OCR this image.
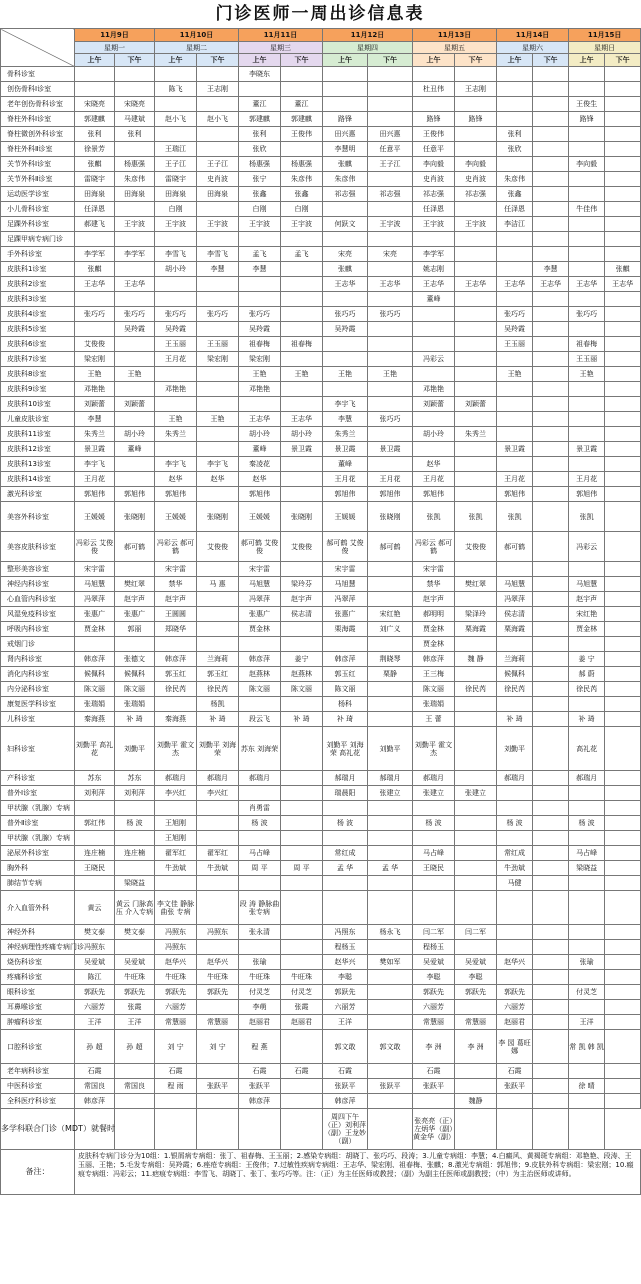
门诊医师一周出诊信息表
	11月9日		11月10日		11月11日		11月12日		11月13日		11月14日		11月15日	
	星期一		星期二		星期三		星期四		星期五		星期六		星期日	
	上午	下午	上午	下午	上午	下午	上午	下午	上午	下午	上午	下午	上午	下午
骨科诊室					李晓东									
创伤骨科Ⅰ诊室			陈飞	王志刚					杜丑伟	王志刚				
老年创伤骨科诊室	宋晓亮	宋晓亮			董江	董江							王俊生	
脊柱外科Ⅰ诊室	郭建麒	马建斌	赵小飞	赵小飞	郭建麒	郭建麒	路锋		路锋	路锋			路锋	
脊柱微创外科诊室	张利	张利			张利	王俊伟	田兴惠	田兴惠	王俊伟		张利			
脊柱外科Ⅱ诊室	徐景芳		王瑞江		张欣		李慧明	任意平	任意平		张欣			
关节外科Ⅰ诊室	张麒	杨惠强	王子江	王子江	杨惠强	杨惠强	张麒	王子江	李向毅	李向毅			李向毅	
关节外科Ⅱ诊室	雷晓宇	朱彦伟	雷晓宇	史肖波	张宁	朱彦伟	朱彦伟		史肖波	史肖波	朱彦伟			
运动医学诊室	田海泉	田海泉	田海泉	田海泉	张鑫	张鑫	祁志强	祁志强	祁志强	祁志强	张鑫			
小儿骨科诊室	任泽恩		白刚		白刚	白刚			任泽恩		任泽恩		牛佳伟	
足踝外科诊室	郝建飞	王宇波	王宇波	王宇波	王宇波	王宇波	何跃文	王宇波	王宇波	王宇波	李洁江			
足踝甲病专病门诊														
手外科诊室	李学军	李学军	李雪飞	李雪飞	孟飞	孟飞	宋亮	宋亮	李学军					
皮肤科1诊室	张麒		胡小玲	李慧	李慧		张麒		姚志刚			李慧		张麒
皮肤科2诊室	王志华	王志华					王志华	王志华	王志华	王志华	王志华	王志华	王志华	王志华
皮肤科3诊室									董峰					
皮肤科4诊室	张巧巧	张巧巧	张巧巧	张巧巧	张巧巧		张巧巧	张巧巧			张巧巧		张巧巧	
皮肤科5诊室		吴羚霞	吴羚霞		吴羚霞		吴羚霞				吴羚霞			
皮肤科6诊室	艾俊俊		王玉丽	王玉丽	祖春梅	祖春梅					王玉丽		祖春梅	
皮肤科7诊室	梁宏刚		王月花	梁宏刚	梁宏刚				冯彩云				王玉丽	
皮肤科8诊室	王艳	王艳			王艳	王艳	王艳	王艳			王艳		王艳	
皮肤科9诊室	邓艳艳		邓艳艳		邓艳艳				邓艳艳					
皮肤科10诊室	刘颖蕾	刘颖蕾					李宇飞		刘颖蕾	刘颖蕾				
儿童皮肤诊室	李慧		王艳	王艳	王志华	王志华	李慧	张巧巧						
皮肤科11诊室	朱秀兰	胡小玲	朱秀兰		胡小玲	胡小玲	朱秀兰		胡小玲	朱秀兰				
皮肤科12诊室	景卫霞	董峰			董峰	景卫霞	景卫霞	景卫霞			景卫霞		景卫霞	
皮肤科13诊室	李宇飞		李宇飞	李宇飞	秦凌花		董峰		赵华					
皮肤科14诊室	王月花		赵华	赵华	赵华		王月花	王月花	王月花		王月花		王月花	
激光科诊室	郭旭伟	郭旭伟	郭旭伟		郭旭伟		郭旭伟	郭旭伟	郭旭伟		郭旭伟		郭旭伟	
美容外科诊室	王媛媛	张晓刚	王媛媛	张晓刚	王媛媛	张晓刚	王媛媛	张晓刚	张凯	张凯	张凯		张凯	
美容皮肤科诊室	冯彩云 艾俊俊	郝可鹤	冯彩云 郝可鹤	艾俊俊	郝可鹤 艾俊俊	艾俊俊	郝可鹤 艾俊俊	郝可鹤	冯彩云 郝可鹤	艾俊俊	郝可鹤		冯彩云	
整形美容诊室	宋宇雷		宋宇雷		宋宇雷		宋宇雷		宋宇雷					
神经内科诊室	马旭慧	樊红翠	禁华	马 惠	马旭慧	梁玲芬	马旭慧		禁华	樊红翠	马旭慧		马旭慧	
心血管内科诊室	冯翠萍	赵宇声	赵宇声		冯翠萍	赵宇声	冯翠萍		赵宇声		冯翠萍		赵宇声	
风湿免疫科诊室	张惠广	张惠广	王圆圆		张惠广	侯志清	张惠广	宋红艳	郝明明	梁泽玲	侯志清		宋红艳	
呼吸内科诊室	贾金林	郭丽	郑晓华		贾金林		栗海霞	刘广义	贾金林	栗海霞	栗海霞		贾金林	
戒烟门诊									贾金林					
肾内科诊室	韩彦萍	张德文	韩彦萍	兰海莉	韩彦萍	姜宁	韩彦萍	荆晓琴	韩彦萍	魏 静	兰海莉		姜 宁	
消化内科诊室	候佩科	候佩科	郭玉红	郭玉红	赵燕林	赵燕林	郭玉红	栗静	王三梅		候佩科		郝 蔚	
内分泌科诊室	陈文丽	陈文丽	徐民芮	徐民芮	陈文丽	陈文丽	陈文丽		陈文丽	徐民芮	徐民芮		徐民芮	
康复医学科诊室	张瑞娟	张瑞娟		杨凯			杨科		张瑞娟					
儿科诊室	秦海燕	补 琦	秦海燕	补 琦	段云飞	补 琦	补 琦		王 蕾		补 琦		补 琦	
妇科诊室	刘勤平 高礼花	刘勤平	刘勤平 霍文杰	刘勤平 刘海荣	苏东 刘海荣		刘勤平 刘海荣 高礼花	刘勤平	刘勤平 霍文杰		刘勤平		高礼花	
产科诊室	苏东	苏东	郝瑞月	郝瑞月	郝瑞月		郝瑞月	郝瑞月	郝瑞月		郝瑞月		郝瑞月	
普外Ⅰ诊室	刘利萍	刘利萍	李兴红	李兴红			瑞晨阳	张建立	张建立	张建立				
甲状腺（乳腺）专病					肖勇雷									
普外Ⅱ诊室	郭红伟	杨 波	王旭刚		杨 波		杨 波		杨 波		杨 波		杨 波	
甲状腺（乳腺）专病			王旭刚											
泌尿外科诊室	连庄楠	连庄楠	翟军红	翟军红	马占峰		常红成		马占峰		常红成		马占峰	
胸外科	王晓民		牛劲斌	牛劲斌	周 平	周 平	孟 华	孟 华	王晓民		牛劲斌		梁晓益	
肺结节专病		梁晓益									马健			
介入血管外科	黄云	黄云 门脉高压 介入专病	李文佳 静脉曲张 专病		段 涛 静脉曲张专病									
神经外科	樊文泰	樊文泰	冯照东	冯照东	张永清		冯照东	杨永飞	闫二军	闫二军				
神经病理性疼痛专病门诊	冯照东		冯照东				程杨玉		程杨玉					
烧伤科诊室	吴爱斌	吴爱斌	赵华兴	赵华兴	张瑜		赵华兴	樊如军	吴爱斌	吴爱斌	赵华兴		张瑜	
疼痛科诊室	陈江	牛旺珠	牛旺珠	牛旺珠	牛旺珠	牛旺珠	李聪		李聪	李聪				
眼科诊室	郭跃先	郭跃先	郭跃先	郭跃先	付灵芝	付灵芝	郭跃先		郭跃先	郭跃先	郭跃先		付灵芝	
耳鼻喉诊室	六丽芳	张霞	六丽芳		李萌	张霞	六丽芳		六丽芳		六丽芳			
肿瘤科诊室	王洋	王洋	常慧丽	常慧丽	赵丽君	赵丽君	王洋		常慧丽	常慧丽	赵丽君		王洋	
口腔科诊室	孙 超	孙 超	刘 宁	刘 宁	程 燕		郭文敢	郭文敢	李 洲	李 洲	李 园 葛旺娜		常 凯 韩 凯	
老年病科诊室	石霞		石霞		石霞	石霞	石霞		石霞		石霞			
中医科诊室	常国良	常国良	程 雨	张跃平	张跃平		张跃平	张跃平	张跃平		张跃平		徐 晴	
全科医疗科诊室	韩彦萍				韩彦萍		韩彦萍			魏静				
多学科联合门诊（MDT）就餐时							周四下午（正）刘利萍（副）王龙妙（副）		张亮亮（正）左炳华（副）黄金华（副）					
备注：	皮肤科专病门诊分为10组：1.银屑病专病组：张丁、祖春梅、王玉丽；2.感染专病组：胡晓丁、张巧巧、段涛；3.儿童专病组：李慧；4.白癜风、黄褐斑专病组：邓艳艳、段涛、王玉丽、王艳；5.毛发专病组：吴羚霞；6.痤疮专病组：王俊伟；7.过敏性疾病专病组：王志华、梁宏刚、祖春梅、张麒；8.激光专病组：郭旭伟；9.皮肤外科专病组：梁宏刚；10.瘢痕专病组：冯彩云；11.疤痕专病组：李雪飞、胡晓丁、张丁、张巧巧等。注：（正）为主任医师或教授；（副）为副主任医师或副教授；（中）为主治医师或讲师。													
